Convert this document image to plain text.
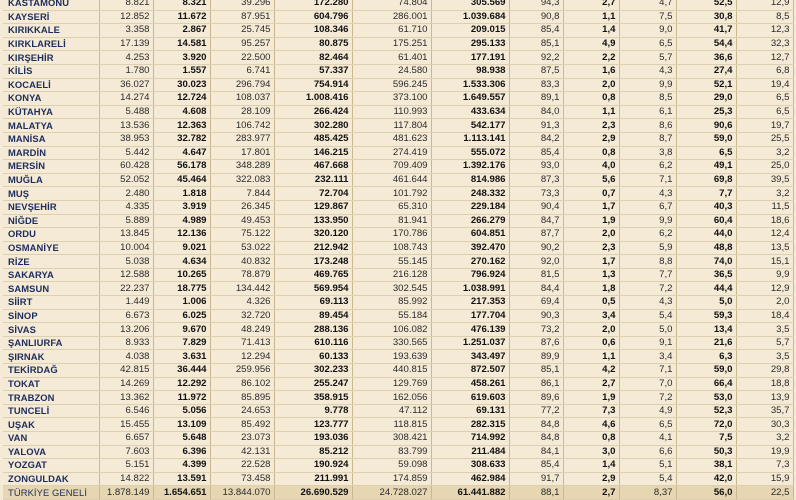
KASTAMONU	8.821	8.321	39.296	172.280	74.804	305.569	94,3	2,7	4,7	52,5	12,9
KAYSERİ	12.852	11.672	87.951	604.796	286.001	1.039.684	90,8	1,1	7,5	30,8	8,5
KIRIKKALE	3.358	2.867	25.745	108.346	61.710	209.015	85,4	1,4	9,0	41,7	12,3
KIRKLARELİ	17.139	14.581	95.257	80.875	175.251	295.133	85,1	4,9	6,5	54,4	32,3
KIRŞEHİR	4.253	3.920	22.500	82.464	61.401	177.191	92,2	2,2	5,7	36,6	12,7
KİLİS	1.780	1.557	6.741	57.337	24.580	98.938	87,5	1,6	4,3	27,4	6,8
KOCAELİ	36.027	30.023	296.794	754.914	596.245	1.533.306	83,3	2,0	9,9	52,1	19,4
KONYA	14.274	12.724	108.037	1.008.416	373.100	1.649.557	89,1	0,8	8,5	29,0	6,5
KÜTAHYA	5.488	4.608	28.109	266.424	110.993	433.634	84,0	1,1	6,1	25,3	6,5
MALATYA	13.536	12.363	106.742	302.280	117.804	542.177	91,3	2,3	8,6	90,6	19,7
MANİSA	38.953	32.782	283.977	485.425	481.623	1.113.141	84,2	2,9	8,7	59,0	25,5
MARDİN	5.442	4.647	17.801	146.215	274.419	555.072	85,4	0,8	3,8	6,5	3,2
MERSİN	60.428	56.178	348.289	467.668	709.409	1.392.176	93,0	4,0	6,2	49,1	25,0
MUĞLA	52.052	45.464	322.083	232.111	461.644	814.986	87,3	5,6	7,1	69,8	39,5
MUŞ	2.480	1.818	7.844	72.704	101.792	248.332	73,3	0,7	4,3	7,7	3,2
NEVŞEHİR	4.335	3.919	26.345	129.867	65.310	229.184	90,4	1,7	6,7	40,3	11,5
NİĞDE	5.889	4.989	49.453	133.950	81.941	266.279	84,7	1,9	9,9	60,4	18,6
ORDU	13.845	12.136	75.122	320.120	170.786	604.851	87,7	2,0	6,2	44,0	12,4
OSMANİYE	10.004	9.021	53.022	212.942	108.743	392.470	90,2	2,3	5,9	48,8	13,5
RİZE	5.038	4.634	40.832	173.248	55.145	270.162	92,0	1,7	8,8	74,0	15,1
SAKARYA	12.588	10.265	78.879	469.765	216.128	796.924	81,5	1,3	7,7	36,5	9,9
SAMSUN	22.237	18.775	134.442	569.954	302.545	1.038.991	84,4	1,8	7,2	44,4	12,9
SİİRT	1.449	1.006	4.326	69.113	85.992	217.353	69,4	0,5	4,3	5,0	2,0
SİNOP	6.673	6.025	32.720	89.454	55.184	177.704	90,3	3,4	5,4	59,3	18,4
SİVAS	13.206	9.670	48.249	288.136	106.082	476.139	73,2	2,0	5,0	13,4	3,5
ŞANLIURFA	8.933	7.829	71.413	610.116	330.565	1.251.037	87,6	0,6	9,1	21,6	5,7
ŞIRNAK	4.038	3.631	12.294	60.133	193.639	343.497	89,9	1,1	3,4	6,3	3,5
TEKİRDAĞ	42.815	36.444	259.956	302.233	440.815	872.507	85,1	4,2	7,1	59,0	29,8
TOKAT	14.269	12.292	86.102	255.247	129.769	458.261	86,1	2,7	7,0	66,4	18,8
TRABZON	13.362	11.972	85.895	358.915	162.056	619.603	89,6	1,9	7,2	53,0	13,9
TUNCELİ	6.546	5.056	24.653	9.778	47.112	69.131	77,2	7,3	4,9	52,3	35,7
UŞAK	15.455	13.109	85.492	123.777	118.815	282.315	84,8	4,6	6,5	72,0	30,3
VAN	6.657	5.648	23.073	193.036	308.421	714.992	84,8	0,8	4,1	7,5	3,2
YALOVA	7.603	6.396	42.131	85.212	83.799	211.484	84,1	3,0	6,6	50,3	19,9
YOZGAT	5.151	4.399	22.528	190.924	59.098	308.633	85,4	1,4	5,1	38,1	7,3
ZONGULDAK	14.822	13.591	73.458	211.991	174.859	462.984	91,7	2,9	5,4	42,0	15,9
TÜRKİYE GENELİ	1.878.149	1.654.651	13.844.070	26.690.529	24.728.027	61.441.882	88,1	2,7	8,37	56,0	22,5
